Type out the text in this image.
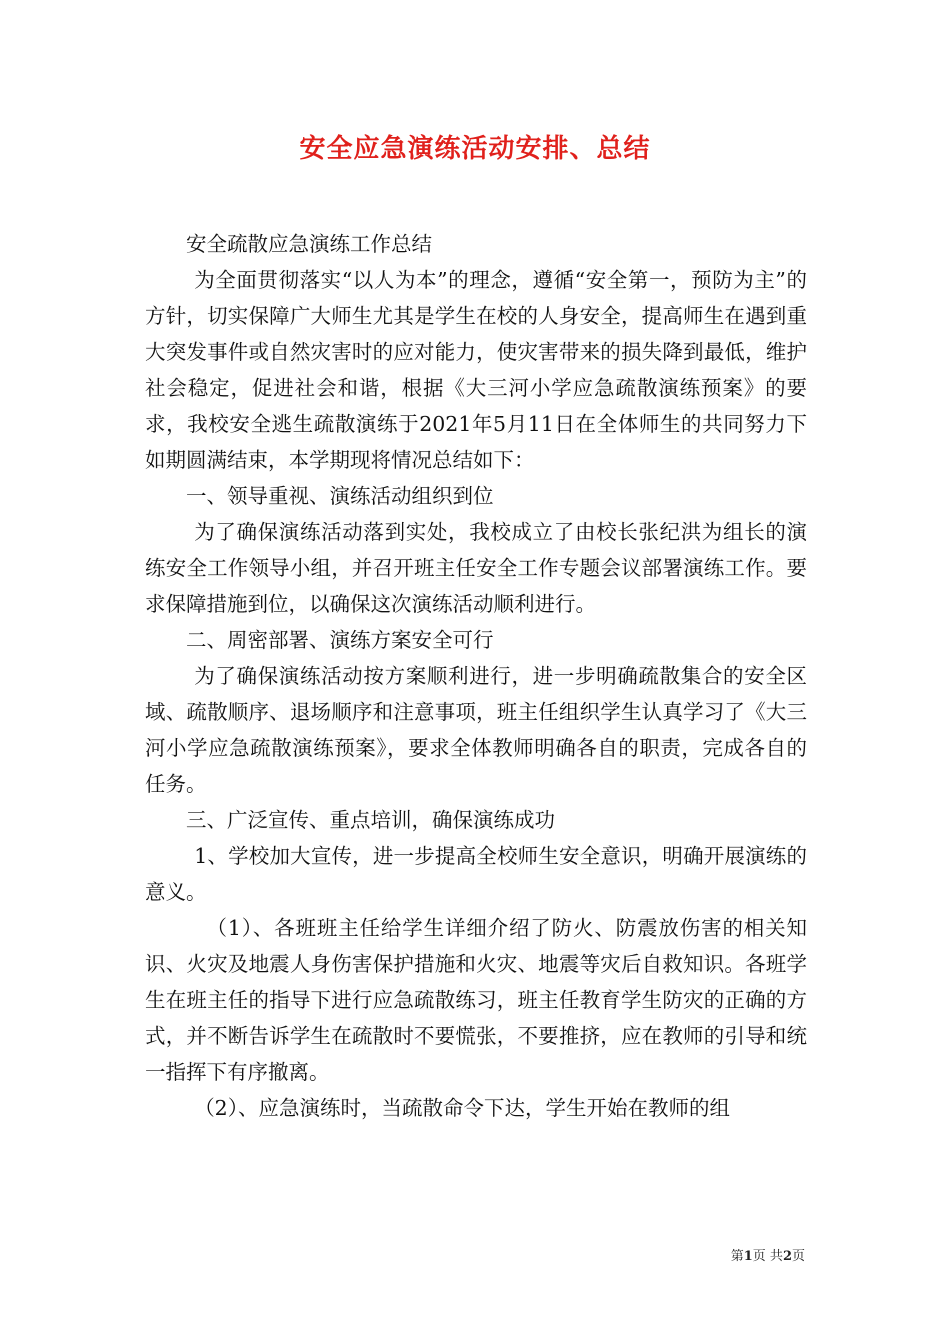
安全应急演练活动安排、总结

安全疏散应急演练工作总结

为全面贯彻落实“以人为本”的理念，遵循“安全第一，预防为主”的方针，切实保障广大师生尤其是学生在校的人身安全，提高师生在遇到重大突发事件或自然灾害时的应对能力，使灾害带来的损失降到最低，维护社会稳定，促进社会和谐，根据《大三河小学应急疏散演练预案》的要求，我校安全逃生疏散演练于2021年5月11日在全体师生的共同努力下如期圆满结束，本学期现将情况总结如下：

一、领导重视、演练活动组织到位

为了确保演练活动落到实处，我校成立了由校长张纪洪为组长的演练安全工作领导小组，并召开班主任安全工作专题会议部署演练工作。要求保障措施到位，以确保这次演练活动顺利进行。

二、周密部署、演练方案安全可行

为了确保演练活动按方案顺利进行，进一步明确疏散集合的安全区域、疏散顺序、退场顺序和注意事项，班主任组织学生认真学习了《大三河小学应急疏散演练预案》，要求全体教师明确各自的职责，完成各自的任务。

三、广泛宣传、重点培训，确保演练成功

1、学校加大宣传，进一步提高全校师生安全意识，明确开展演练的意义。

（1）、各班班主任给学生详细介绍了防火、防震放伤害的相关知识、火灾及地震人身伤害保护措施和火灾、地震等灾后自救知识。各班学生在班主任的指导下进行应急疏散练习，班主任教育学生防灾的正确的方式，并不断告诉学生在疏散时不要慌张，不要推挤，应在教师的引导和统一指挥下有序撤离。

（2）、应急演练时，当疏散命令下达，学生开始在教师的组

第1页 共2页
